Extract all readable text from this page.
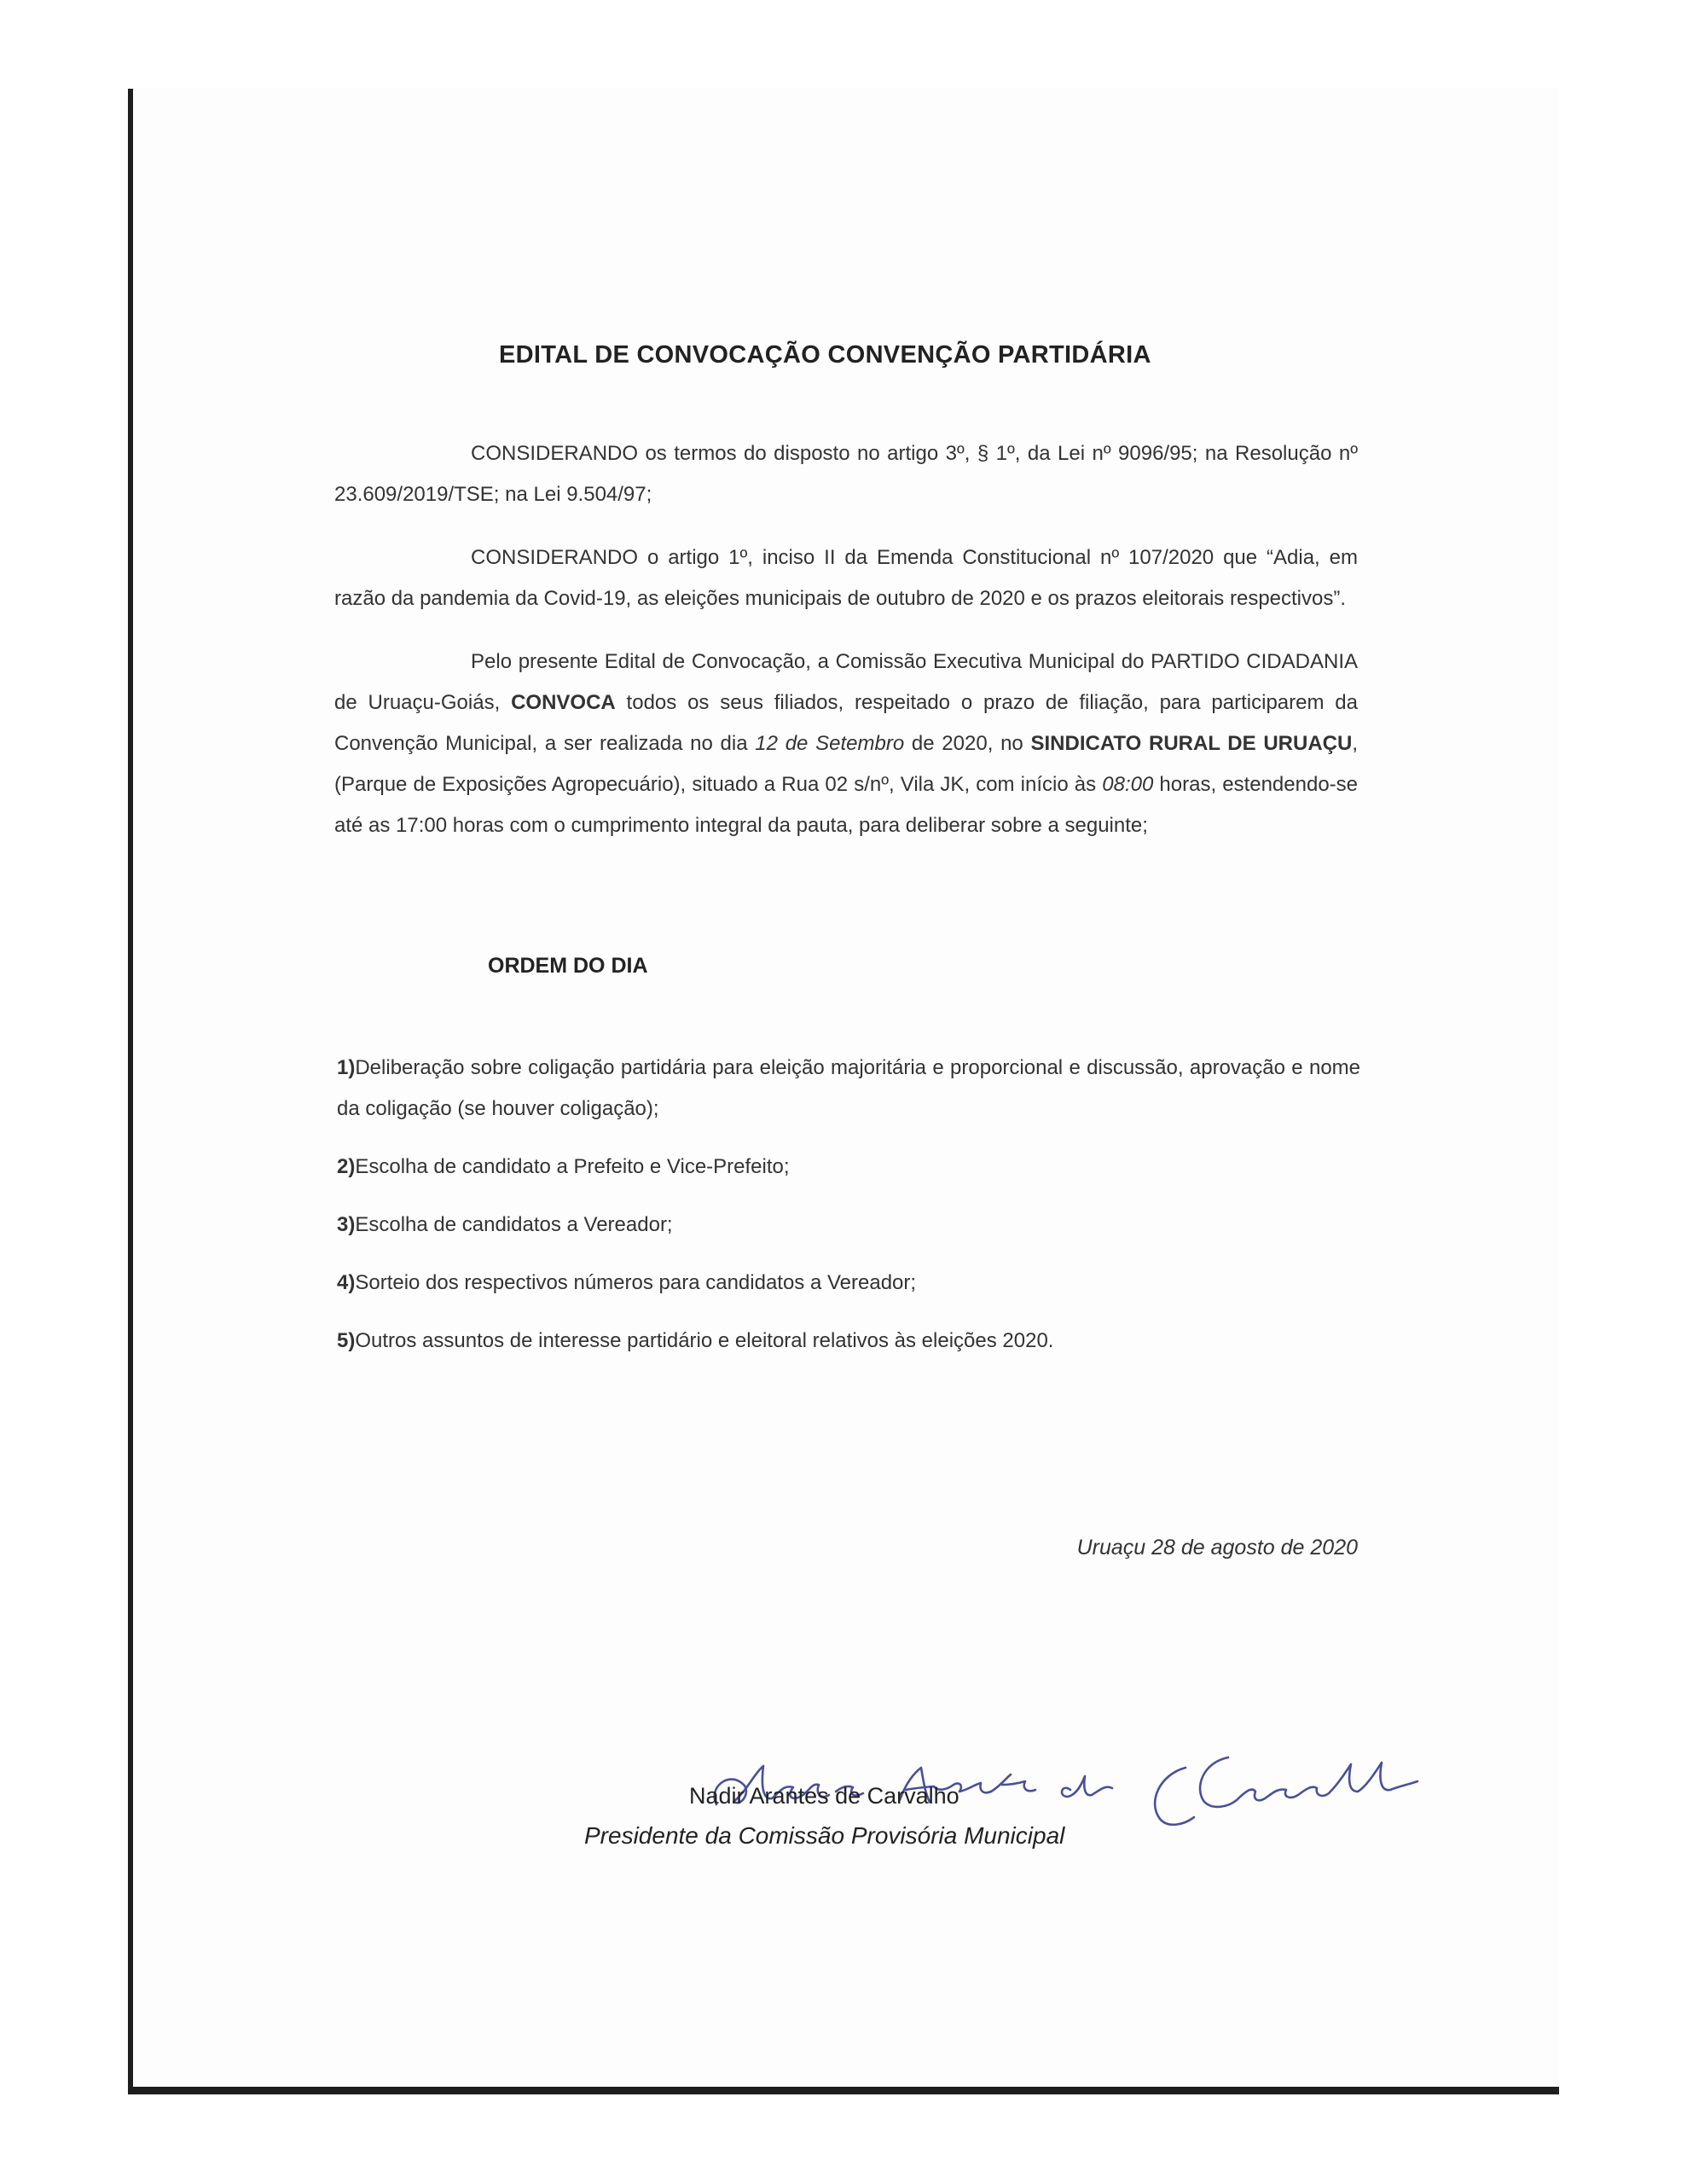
EDITAL DE CONVOCAÇÃO CONVENÇÃO PARTIDÁRIA

CONSIDERANDO os termos do disposto no artigo 3º, § 1º, da Lei nº 9096/95; na Resolução nº 23.609/2019/TSE; na Lei 9.504/97;

CONSIDERANDO o artigo 1º, inciso II da Emenda Constitucional nº 107/2020 que “Adia, em razão da pandemia da Covid-19, as eleições municipais de outubro de 2020 e os prazos eleitorais respectivos”.

Pelo presente Edital de Convocação, a Comissão Executiva Municipal do PARTIDO CIDADANIA de Uruaçu-Goiás, CONVOCA todos os seus filiados, respeitado o prazo de filiação, para participarem da Convenção Municipal, a ser realizada no dia 12 de Setembro de 2020, no SINDICATO RURAL DE URUAÇU, (Parque de Exposições Agropecuário), situado a Rua 02 s/nº, Vila JK, com início às 08:00 horas, estendendo-se até as 17:00 horas com o cumprimento integral da pauta, para deliberar sobre a seguinte;

ORDEM DO DIA

1)Deliberação sobre coligação partidária para eleição majoritária e proporcional e discussão, aprovação e nome da coligação (se houver coligação);

2)Escolha de candidato a Prefeito e Vice-Prefeito;

3)Escolha de candidatos a Vereador;

4)Sorteio dos respectivos números para candidatos a Vereador;

5)Outros assuntos de interesse partidário e eleitoral relativos às eleições 2020.

Uruaçu 28 de agosto de 2020
Nadir Arantes de Carvalho
Presidente da Comissão Provisória Municipal
